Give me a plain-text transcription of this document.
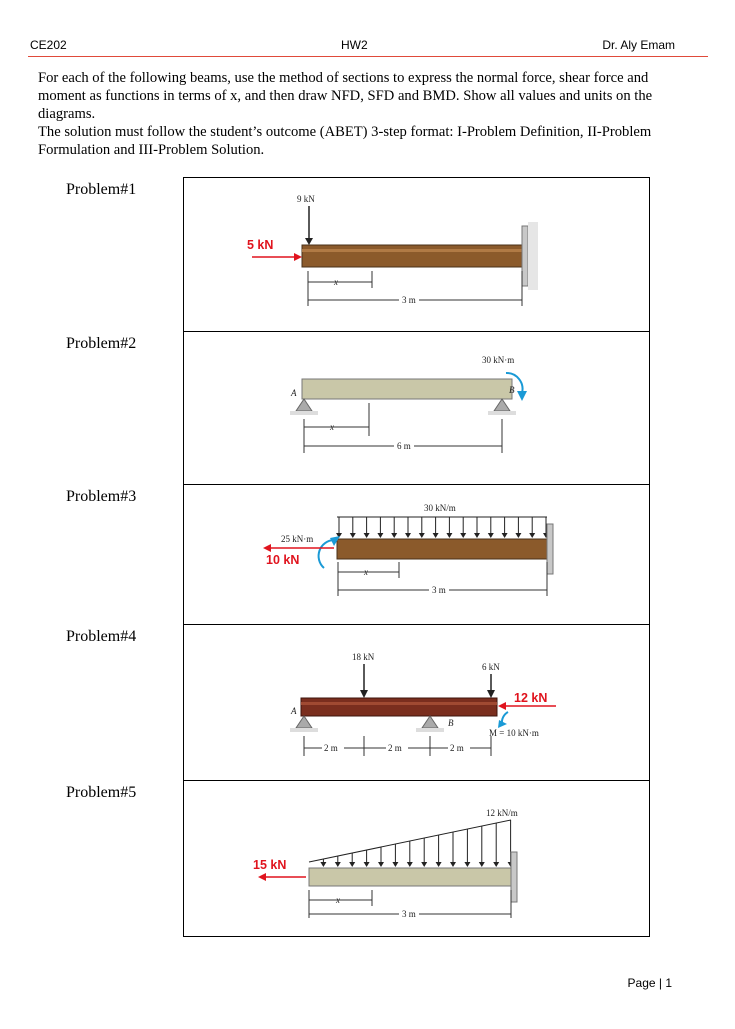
CE202	HW2	Dr. Aly Emam

For each of the following beams, use the method of sections to express the normal force, shear force and moment as functions in terms of x, and then draw NFD, SFD and BMD. Show all values and units on the diagrams.

The solution must follow the student’s outcome (ABET) 3-step format: I-Problem Definition, II-Problem Formulation and III-Problem Solution.

Problem#1
Problem#2
Problem#3
Problem#4
Problem#5
9 kN
5 kN
x
3 m
A	B
30 kN·m
x
6 m
30 kN/m
25 kN·m
10 kN
x
3 m
A
B
18 kN
6 kN
12 kN
M = 10 kN·m
2 m	2 m	2 m
12 kN/m
15 kN
x
3 m
Page | 1
